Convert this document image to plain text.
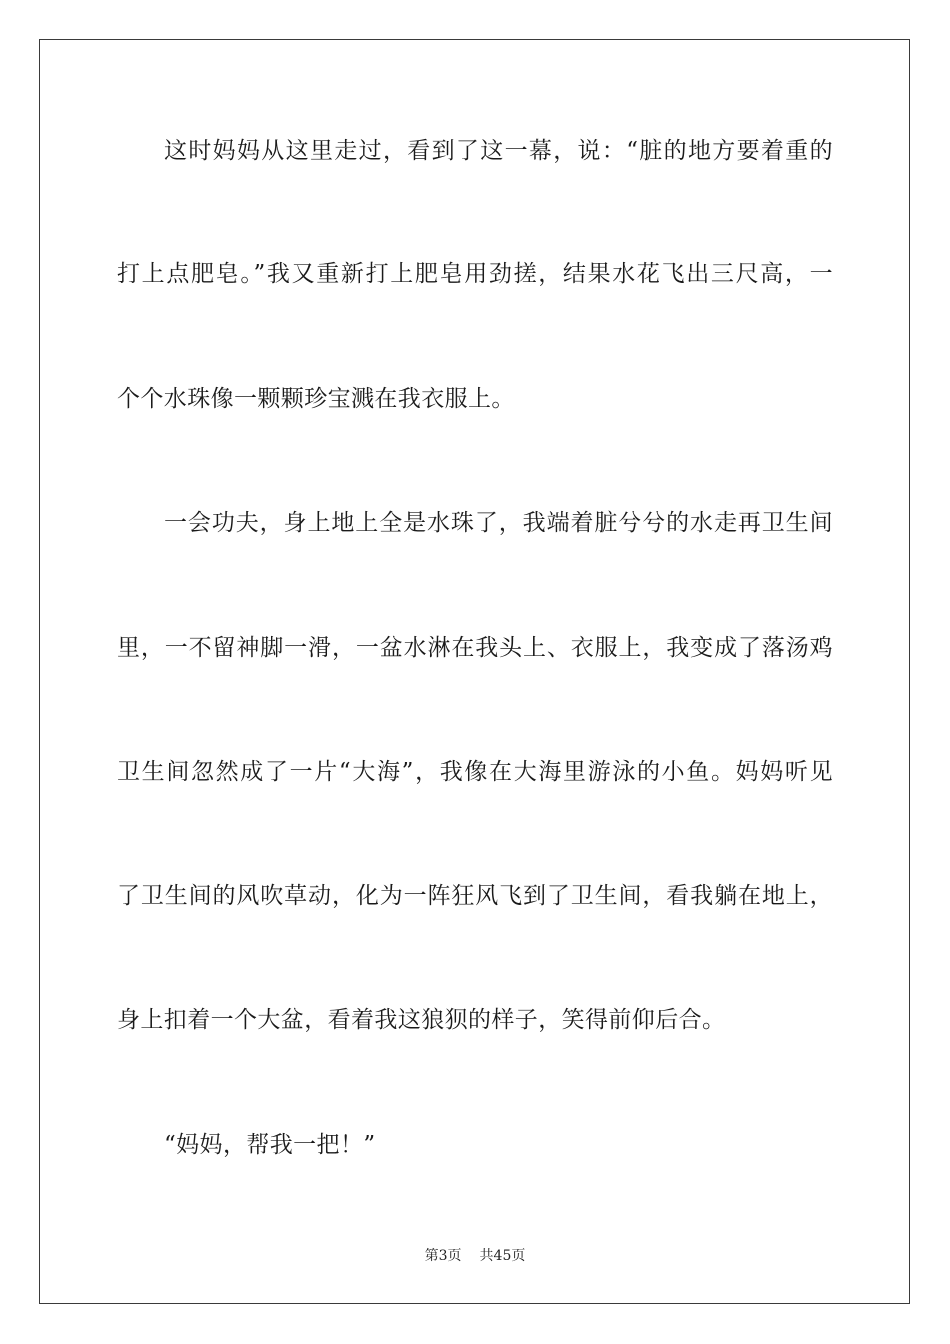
这时妈妈从这里走过，看到了这一幕，说：“脏的地方要着重的
打上点肥皂。”我又重新打上肥皂用劲搓，结果水花飞出三尺高，一
个个水珠像一颗颗珍宝溅在我衣服上。
一会功夫，身上地上全是水珠了，我端着脏兮兮的水走再卫生间
里，一不留神脚一滑，一盆水淋在我头上、衣服上，我变成了落汤鸡
卫生间忽然成了一片“大海”，我像在大海里游泳的小鱼。妈妈听见
了卫生间的风吹草动，化为一阵狂风飞到了卫生间，看我躺在地上，
身上扣着一个大盆，看着我这狼狈的样子，笑得前仰后合。
“妈妈，帮我一把！”
第3页 共45页
